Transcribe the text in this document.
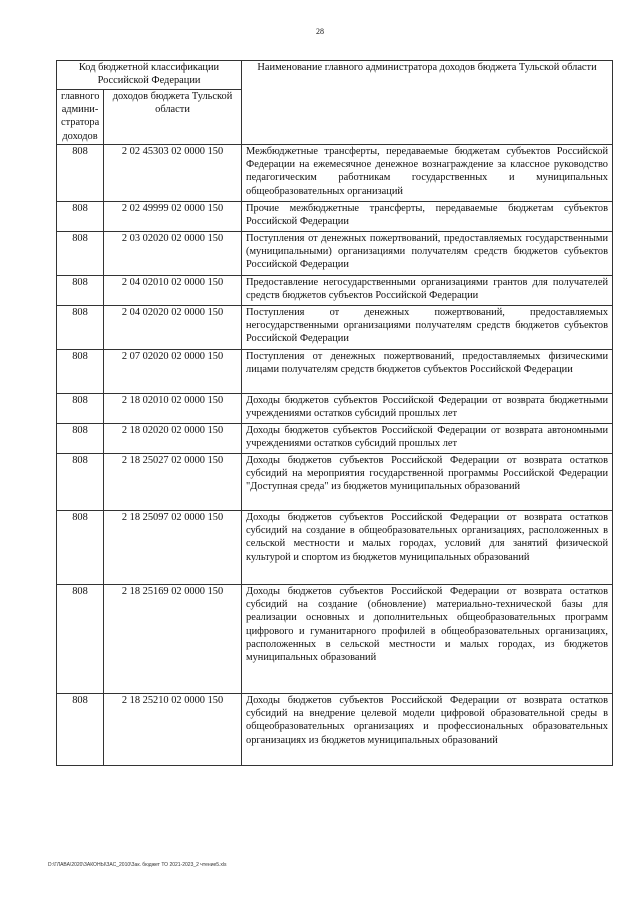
28
Код бюджетной классификации Российской Федерации		Наименование главного администратора доходов бюджета Тульской области
главного админи-стратора доходов	доходов бюджета Тульской области	
808	2 02 45303 02 0000 150	Межбюджетные трансферты, передаваемые бюджетам субъектов Российской Федерации на ежемесячное денежное вознаграждение за классное руководство педагогическим работникам государственных и муниципальных общеобразовательных организаций
808	2 02 49999 02 0000 150	Прочие межбюджетные трансферты, передаваемые бюджетам субъектов Российской Федерации
808	2 03 02020 02 0000 150	Поступления от денежных пожертвований, предоставляемых государственными (муниципальными) организациями получателям средств бюджетов субъектов Российской Федерации
808	2 04 02010 02 0000 150	Предоставление негосударственными организациями грантов для получателей средств бюджетов субъектов Российской Федерации
808	2 04 02020 02 0000 150	Поступления от денежных пожертвований, предоставляемых негосударственными организациями получателям средств бюджетов субъектов Российской Федерации
808	2 07 02020 02 0000 150	Поступления от денежных пожертвований, предоставляемых физическими лицами получателям средств бюджетов субъектов Российской Федерации
808	2 18 02010 02 0000 150	Доходы бюджетов субъектов Российской Федерации от возврата бюджетными учреждениями остатков субсидий прошлых лет
808	2 18 02020 02 0000 150	Доходы бюджетов субъектов Российской Федерации от возврата автономными учреждениями остатков субсидий прошлых лет
808	2 18 25027 02 0000 150	Доходы бюджетов субъектов Российской Федерации от возврата остатков субсидий на мероприятия государственной программы Российской Федерации "Доступная среда" из бюджетов муниципальных образований
808	2 18 25097 02 0000 150	Доходы бюджетов субъектов Российской Федерации от возврата остатков субсидий на создание в общеобразовательных организациях, расположенных в сельской местности и малых городах, условий для занятий физической культурой и спортом из бюджетов муниципальных образований
808	2 18 25169 02 0000 150	Доходы бюджетов субъектов Российской Федерации от возврата остатков субсидий на создание (обновление) материально-технической базы для реализации основных и дополнительных общеобразовательных программ цифрового и гуманитарного профилей в общеобразовательных организациях, расположенных в сельской местности и малых городах, из бюджетов муниципальных образований
808	2 18 25210 02 0000 150	Доходы бюджетов субъектов Российской Федерации от возврата остатков субсидий на внедрение целевой модели цифровой образовательной среды в общеобразовательных организациях и профессиональных образовательных организациях из бюджетов муниципальных образований
D:\ГЛАВА\2020\ЗАКОНЫ\ЗАС_2010\Зак. бюджет ТО 2021-2023_2 чтение5.xls
